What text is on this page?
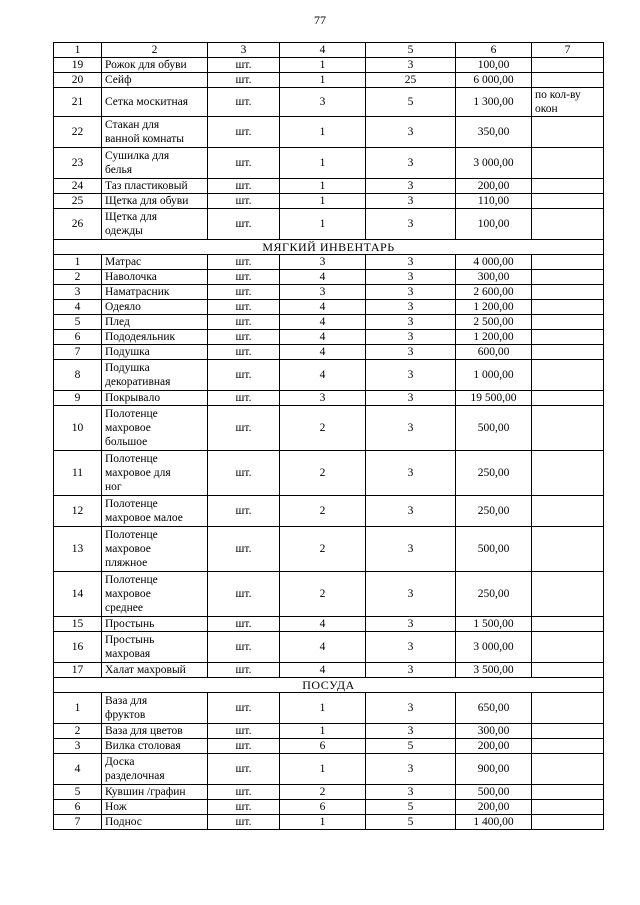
77
1	2	3	4	5	6	7
19	Рожок для обуви	шт.	1	3	100,00	
20	Сейф	шт.	1	25	6 000,00	
21	Сетка москитная	шт.	3	5	1 300,00	по кол-ву
окон
22	Стакан для
ванной комнаты	шт.	1	3	350,00	
23	Сушилка для
белья	шт.	1	3	3 000,00	
24	Таз пластиковый	шт.	1	3	200,00	
25	Щетка для обуви	шт.	1	3	110,00	
26	Щетка для
одежды	шт.	1	3	100,00	
МЯГКИЙ ИНВЕНТАРЬ						
1	Матрас	шт.	3	3	4 000,00	
2	Наволочка	шт.	4	3	300,00	
3	Наматрасник	шт.	3	3	2 600,00	
4	Одеяло	шт.	4	3	1 200,00	
5	Плед	шт.	4	3	2 500,00	
6	Пододеяльник	шт.	4	3	1 200,00	
7	Подушка	шт.	4	3	600,00	
8	Подушка
декоративная	шт.	4	3	1 000,00	
9	Покрывало	шт.	3	3	19 500,00	
10	Полотенце
махровое
большое	шт.	2	3	500,00	
11	Полотенце
махровое для
ног	шт.	2	3	250,00	
12	Полотенце
махровое малое	шт.	2	3	250,00	
13	Полотенце
махровое
пляжное	шт.	2	3	500,00	
14	Полотенце
махровое
среднее	шт.	2	3	250,00	
15	Простынь	шт.	4	3	1 500,00	
16	Простынь
махровая	шт.	4	3	3 000,00	
17	Халат махровый	шт.	4	3	3 500,00	
ПОСУДА						
1	Ваза для
фруктов	шт.	1	3	650,00	
2	Ваза для цветов	шт.	1	3	300,00	
3	Вилка столовая	шт.	6	5	200,00	
4	Доска
разделочная	шт.	1	3	900,00	
5	Кувшин /графин	шт.	2	3	500,00	
6	Нож	шт.	6	5	200,00	
7	Поднос	шт.	1	5	1 400,00	
